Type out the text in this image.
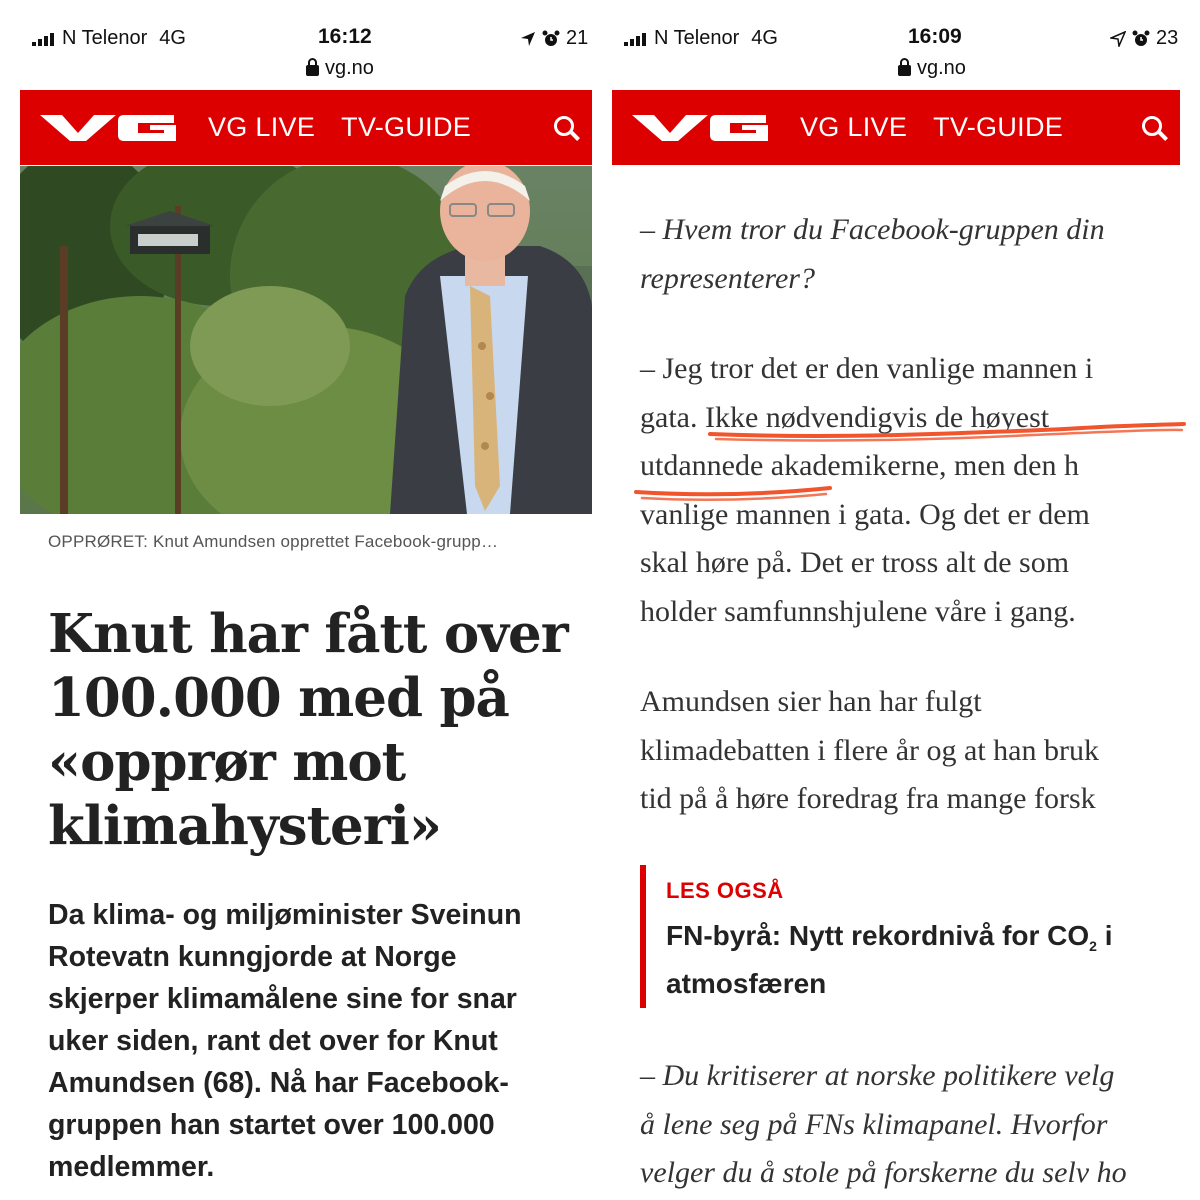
N Telenor 4G	16:12
vg.no
21
VG LIVE TV-GUIDE
OPPRØRET: Knut Amundsen opprettet Facebook-grupp…
Knut har fått over
100.000 med på
«opprør mot
klimahysteri»
Da klima- og miljøminister Sveinun
Rotevatn kunngjorde at Norge
skjerper klimamålene sine for snar
uker siden, rant det over for Knut
Amundsen (68). Nå har Facebook-
gruppen han startet over 100.000
medlemmer.
N Telenor 4G	16:09
vg.no
23
VG LIVE TV-GUIDE
– Hvem tror du Facebook-gruppen din
representerer?
– Jeg tror det er den vanlige mannen i
gata. Ikke nødvendigvis de høyest
utdannede akademikerne, men den h
vanlige mannen i gata. Og det er dem
skal høre på. Det er tross alt de som
holder samfunnshjulene våre i gang.
Amundsen sier han har fulgt
klimadebatten i flere år og at han bruk
tid på å høre foredrag fra mange forsk
LES OGSÅ
FN-byrå: Nytt rekordnivå for $CO_2$ i
atmosfæren
– Du kritiserer at norske politikere velg
å lene seg på FNs klimapanel. Hvorfor
velger du å stole på forskerne du selv ho
